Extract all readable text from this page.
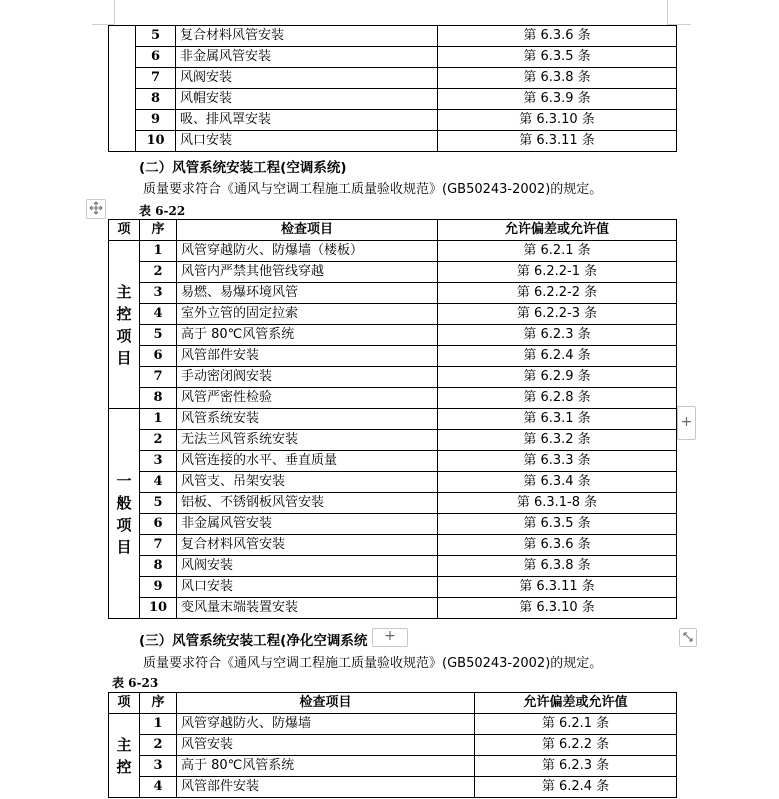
	5	复合材料风管安装	第 6.3.6 条
	6	非金属风管安装	第 6.3.5 条
	7	风阀安装	第 6.3.8 条
	8	风帽安装	第 6.3.9 条
	9	吸、排风罩安装	第 6.3.10 条
	10	风口安装	第 6.3.11 条
(二）风管系统安装工程(空调系统)
质量要求符合《通风与空调工程施工质量验收规范》(GB50243-2002)的规定。
表 6-22
项	序	检查项目	允许偏差或允许值

主控项目	1	风管穿越防火、防爆墙（楼板）	第 6.2.1 条
	2	风管内严禁其他管线穿越	第 6.2.2-1 条
	3	易燃、易爆环境风管	第 6.2.2-2 条
	4	室外立管的固定拉索	第 6.2.2-3 条
	5	高于 80℃风管系统	第 6.2.3 条
	6	风管部件安装	第 6.2.4 条
	7	手动密闭阀安装	第 6.2.9 条
	8	风管严密性检验	第 6.2.8 条

一般项目	1	风管系统安装	第 6.3.1 条
	2	无法兰风管系统安装	第 6.3.2 条
	3	风管连接的水平、垂直质量	第 6.3.3 条
	4	风管支、吊架安装	第 6.3.4 条
	5	铝板、不锈钢板风管安装	第 6.3.1-8 条
	6	非金属风管安装	第 6.3.5 条
	7	复合材料风管安装	第 6.3.6 条
	8	风阀安装	第 6.3.8 条
	9	风口安装	第 6.3.11 条
	10	变风量末端装置安装	第 6.3.10 条
+
(三）风管系统安装工程(净化空调系统	+
质量要求符合《通风与空调工程施工质量验收规范》(GB50243-2002)的规定。
表 6-23
项	序	检查项目	允许偏差或允许值

主控	1	风管穿越防火、防爆墙	第 6.2.1 条
	2	风管安装	第 6.2.2 条
	3	高于 80℃风管系统	第 6.2.3 条
	4	风管部件安装	第 6.2.4 条
